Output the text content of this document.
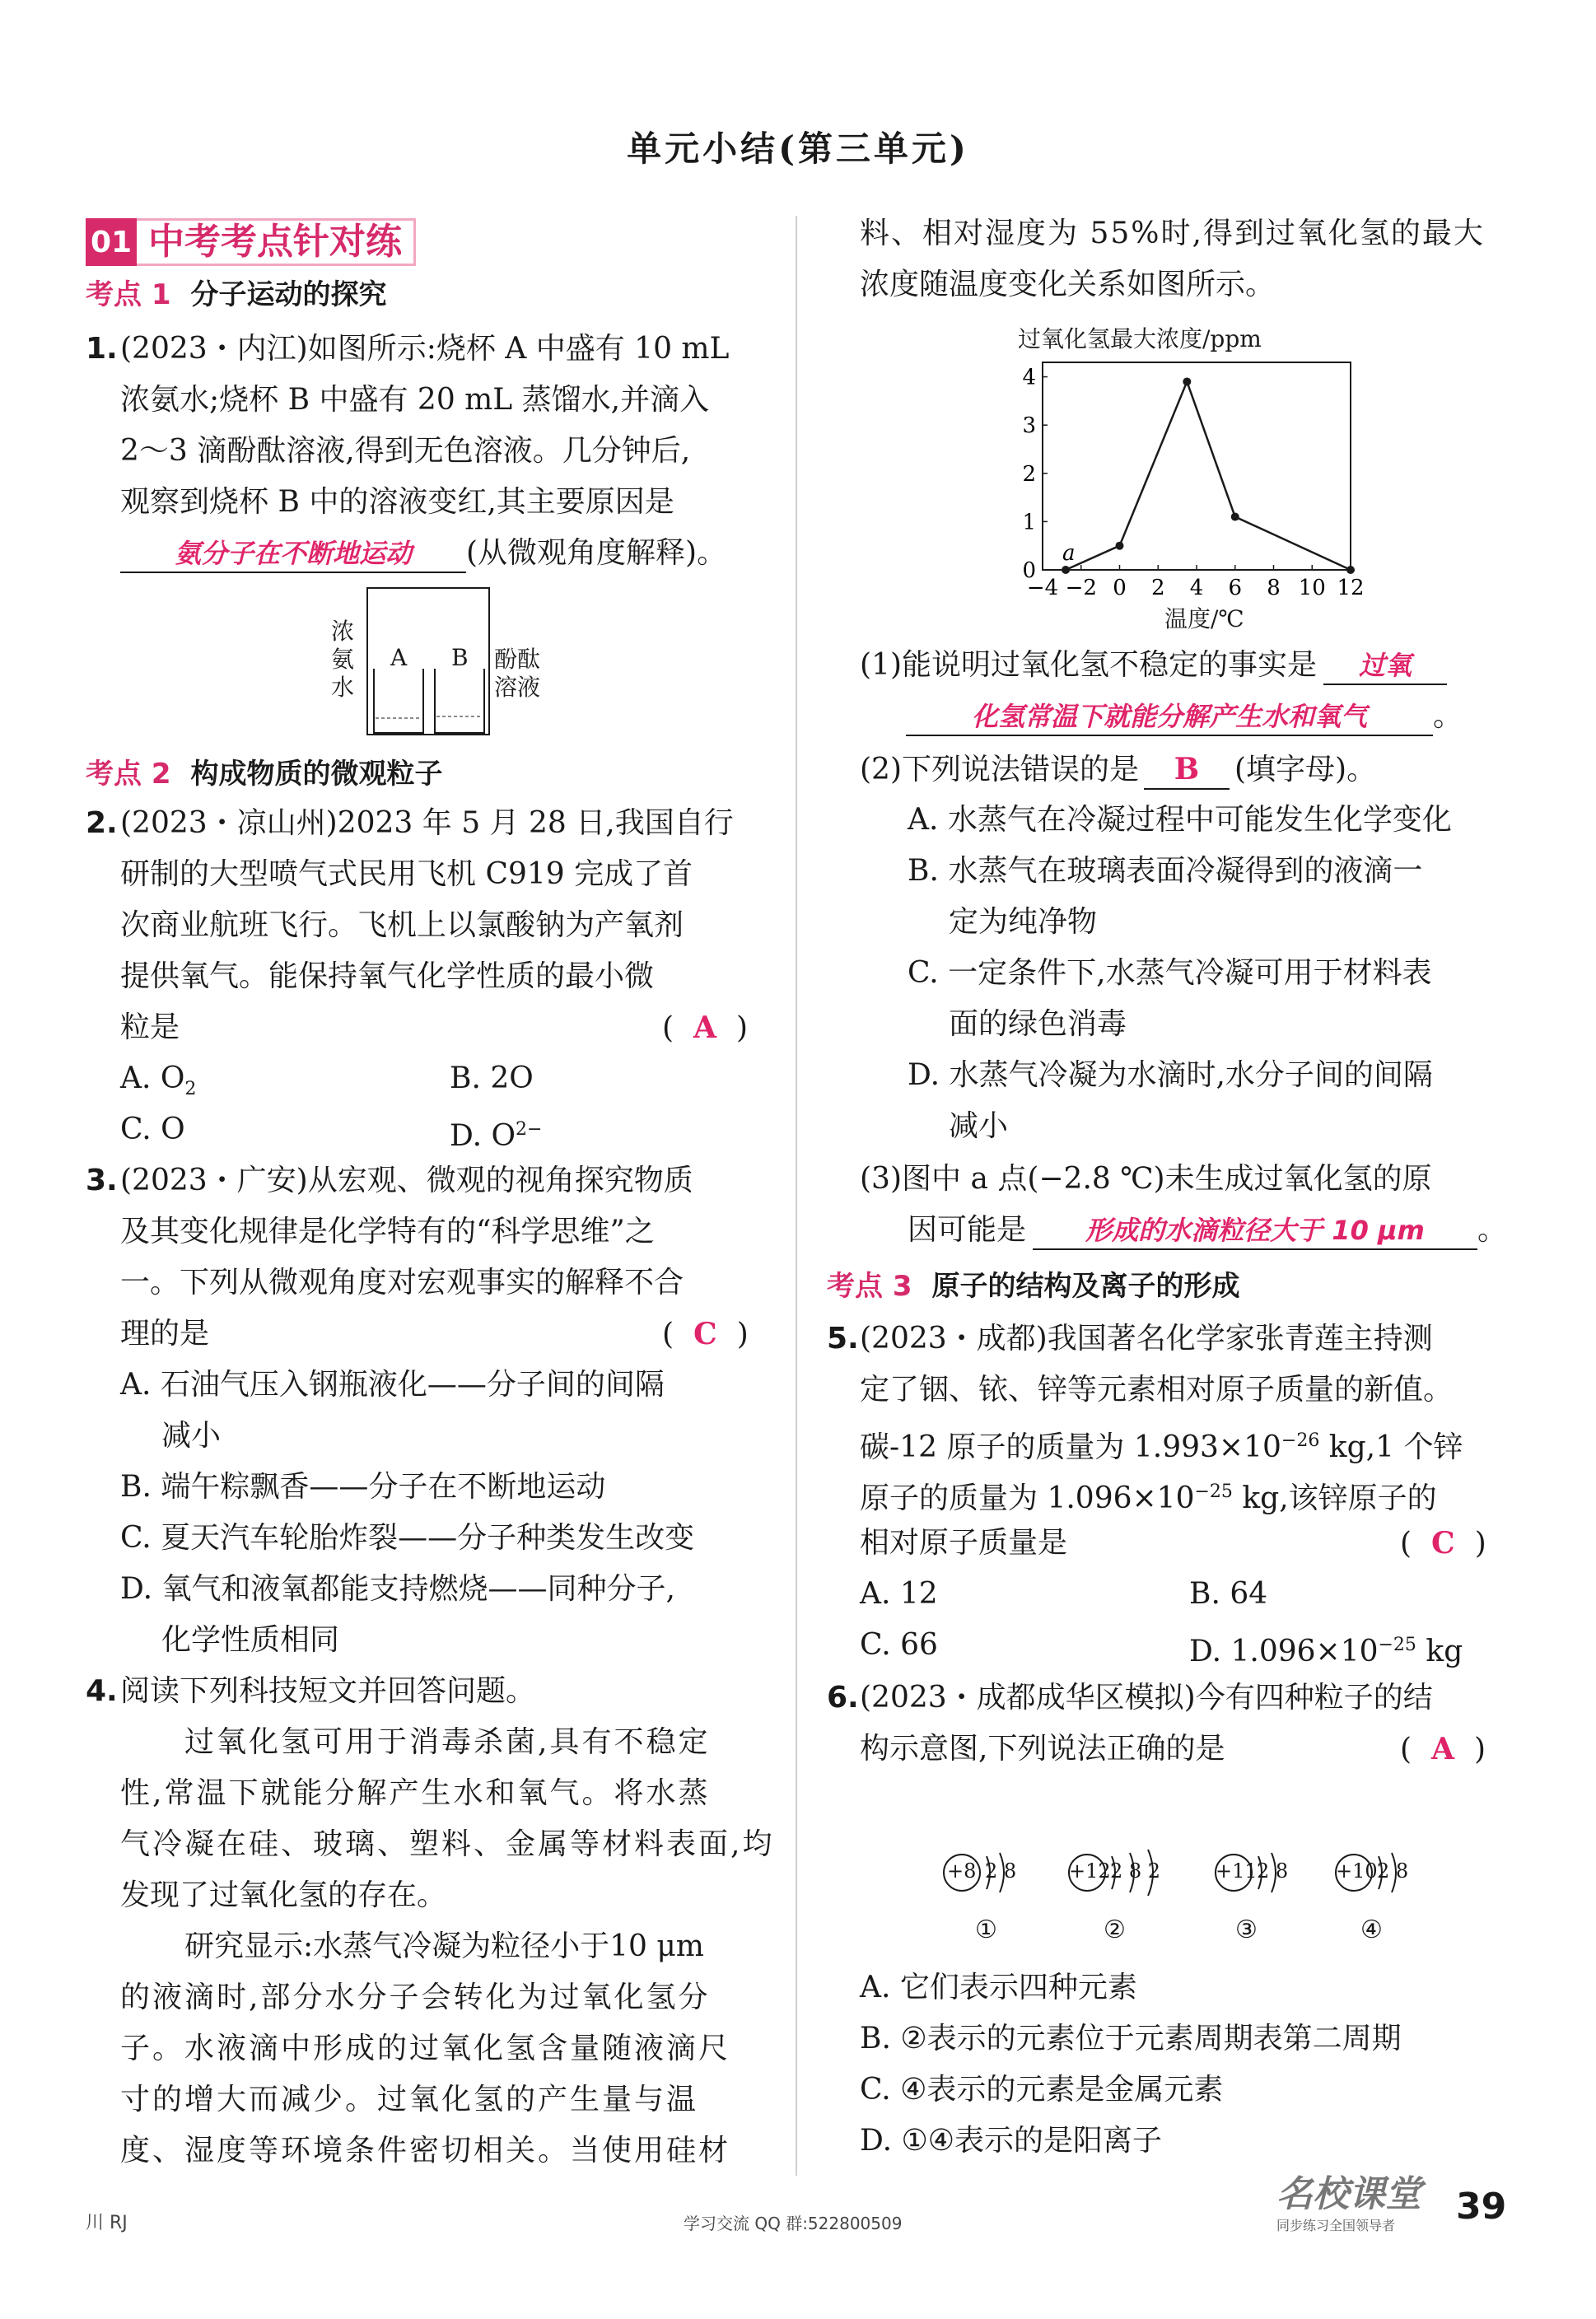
单元小结(第三单元)
01 中考考点针对练
考点 1 分子运动的探究
1. (2023・内江)如图所示:烧杯 A 中盛有 10 mL
浓氨水;烧杯 B 中盛有 20 mL 蒸馏水,并滴入
2～3 滴酚酞溶液,得到无色溶液。几分钟后,
观察到烧杯 B 中的溶液变红,其主要原因是
氨分子在不断地运动 (从微观角度解释)。
浓
氨
水
A B 酚酞
溶液
考点 2 构成物质的微观粒子
2. (2023・凉山州)2023 年 5 月 28 日,我国自行
研制的大型喷气式民用飞机 C919 完成了首
次商业航班飞行。飞机上以氯酸钠为产氧剂
提供氧气。能保持氧气化学性质的最小微
粒是	( A )
A. $O_2$	B. 2O
C. O	D. $O^{2-}$
3. (2023・广安)从宏观、微观的视角探究物质
及其变化规律是化学特有的“科学思维”之
一。下列从微观角度对宏观事实的解释不合
理的是	( C )
A. 石油气压入钢瓶液化——分子间的间隔
减小
B. 端午粽飘香——分子在不断地运动
C. 夏天汽车轮胎炸裂——分子种类发生改变
D. 氧气和液氧都能支持燃烧——同种分子,
化学性质相同
4. 阅读下列科技短文并回答问题。
过氧化氢可用于消毒杀菌,具有不稳定
性,常温下就能分解产生水和氧气。将水蒸
气冷凝在硅、玻璃、塑料、金属等材料表面,均
发现了过氧化氢的存在。
研究显示:水蒸气冷凝为粒径小于10 μm
的液滴时,部分水分子会转化为过氧化氢分
子。水液滴中形成的过氧化氢含量随液滴尺
寸的增大而减少。过氧化氢的产生量与温
度、湿度等环境条件密切相关。当使用硅材
料、相对湿度为 55%时,得到过氧化氢的最大
浓度随温度变化关系如图所示。
过氧化氢最大浓度/ppm
−4 −2 0 2 4 6 8 10 12
0
1
2
3
4
a
温度/℃
(1)能说明过氧化氢不稳定的事实是 过氧
化氢常温下就能分解产生水和氧气 。
(2)下列说法错误的是 B (填字母)。
A. 水蒸气在冷凝过程中可能发生化学变化
B. 水蒸气在玻璃表面冷凝得到的液滴一
定为纯净物
C. 一定条件下,水蒸气冷凝可用于材料表
面的绿色消毒
D. 水蒸气冷凝为水滴时,水分子间的间隔
减小
(3)图中 a 点(−2.8 ℃)未生成过氧化氢的原
因可能是 形成的水滴粒径大于 10 μm 。
考点 3 原子的结构及离子的形成
5. (2023・成都)我国著名化学家张青莲主持测
定了铟、铱、锌等元素相对原子质量的新值。
碳-12 原子的质量为 $1.993\times 10^{-26}$ kg,1 个锌
原子的质量为 $1.096\times 10^{-25}$ kg,该锌原子的
相对原子质量是	( C )
A. 12	B. 64
C. 66	D. $1.096\times 10^{-25}$ kg
6. (2023・成都成华区模拟)今有四种粒子的结
构示意图,下列说法正确的是	( A )
+8 2 8
①
+12 2 8 2
②
+11 2 8
③
+10 2 8
④
A. 它们表示四种元素
B. ②表示的元素位于元素周期表第二周期
C. ④表示的元素是金属元素
D. ①④表示的是阳离子
川 RJ	学习交流 QQ 群:522800509
名校课堂
同步练习全国领导者	39
